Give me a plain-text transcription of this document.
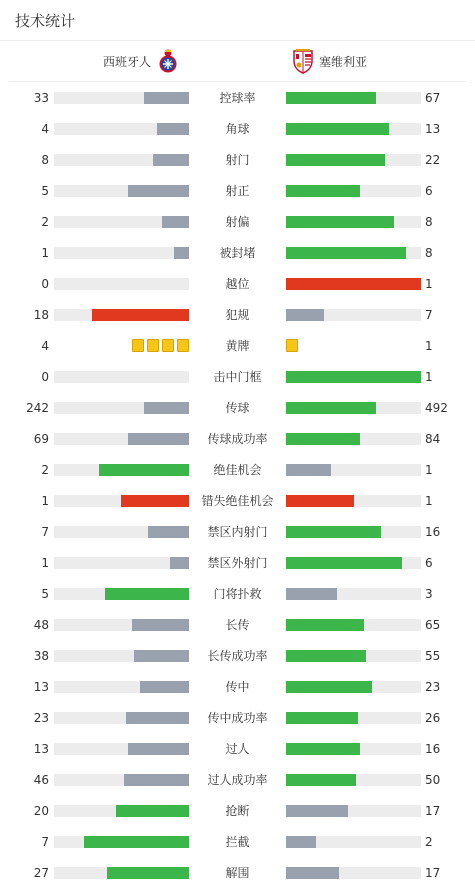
技术统计
西班牙人	塞维利亚
33	控球率	67
4	角球	13
8	射门	22
5	射正	6
2	射偏	8
1	被封堵	8
0	越位	1
18	犯规	7
4	黄牌	1
0	击中门框	1
242	传球	492
69	传球成功率	84
2	绝佳机会	1
1	错失绝佳机会	1
7	禁区内射门	16
1	禁区外射门	6
5	门将扑救	3
48	长传	65
38	长传成功率	55
13	传中	23
23	传中成功率	26
13	过人	16
46	过人成功率	50
20	抢断	17
7	拦截	2
27	解围	17
